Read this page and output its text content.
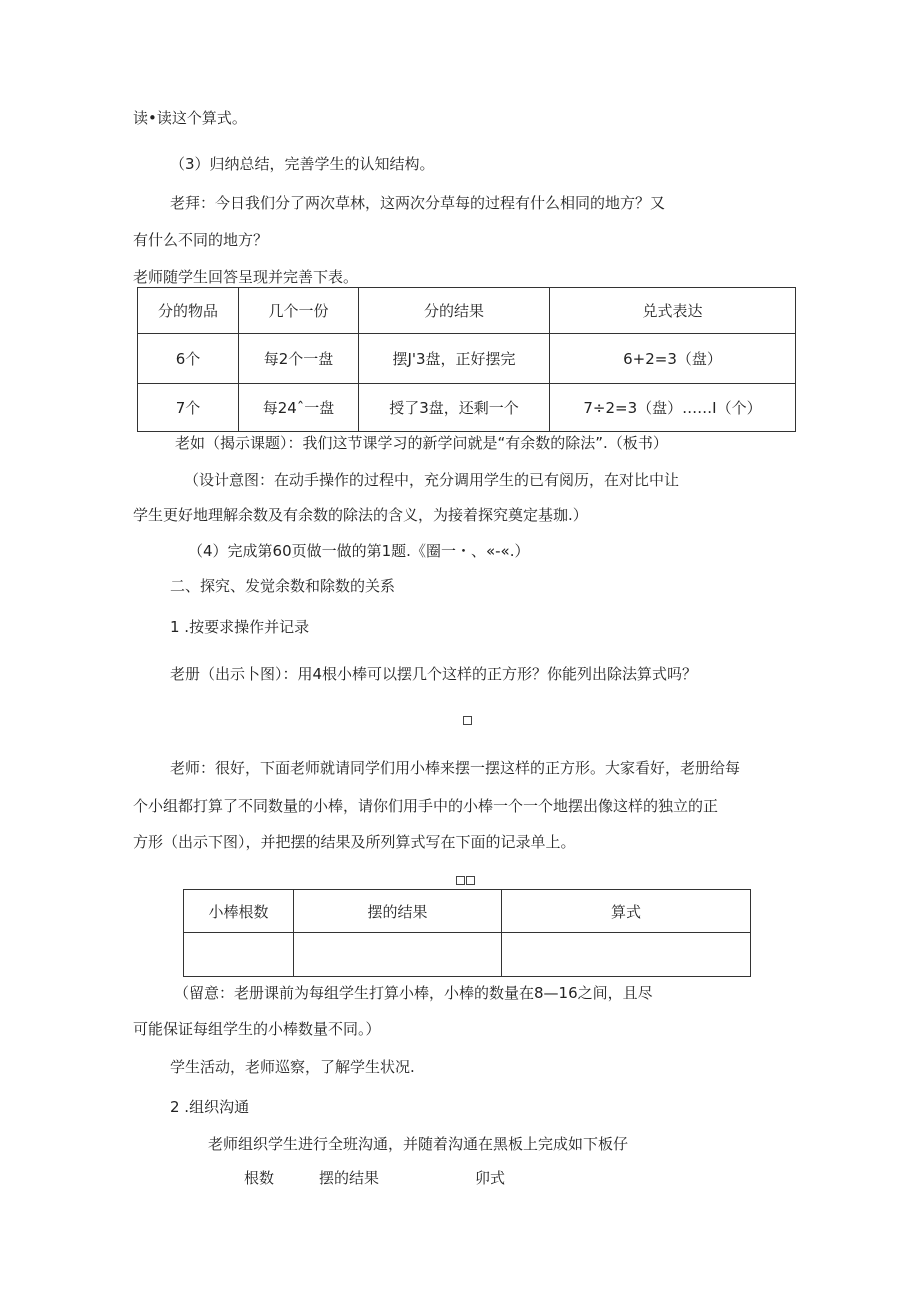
读•读这个算式。
（3）归纳总结，完善学生的认知结构。
老拜：今日我们分了两次草林，这两次分草每的过程有什么相同的地方？又
有什么不同的地方？
老师随学生回答呈现并完善下表。
分的物品	几个一份	分的结果	兑式表达
6个	每2个一盘	摆J'3盘，正好摆完	6+2=3（盘）
7个	每24ˆ一盘	授了3盘，还剩一个	7÷2=3（盘）……I（个）
老如（揭示课题）：我们这节课学习的新学问就是“有余数的除法”.（板书）
（设计意图：在动手操作的过程中，充分调用学生的已有阅历，在对比中让
学生更好地理解余数及有余数的除法的含义，为接着探究奠定基珈.）
（4）完成第60页做一做的第1题.《圈一・、«-«.）
二、探究、发觉余数和除数的关系
1 .按要求操作并记录
老册（出示卜图）：用4根小棒可以摆几个这样的正方形？你能列出除法算式吗？
老师：很好，下面老师就请同学们用小棒来摆一摆这样的正方形。大家看好，老册给每
个小组都打算了不同数量的小棒，请你们用手中的小棒一个一个地摆出像这样的独立的正
方形（出示下图），并把摆的结果及所列算式写在下面的记录单上。
小棒根数	摆的结果	算式

（留意：老册课前为每组学生打算小棒，小棒的数量在8—16之间，且尽
可能保证每组学生的小棒数量不同。）
学生活动，老师巡察，了解学生状况.
2 .组织沟通
老师组织学生进行全班沟通，并随着沟通在黑板上完成如下板仔
根数	摆的结果	卯式
